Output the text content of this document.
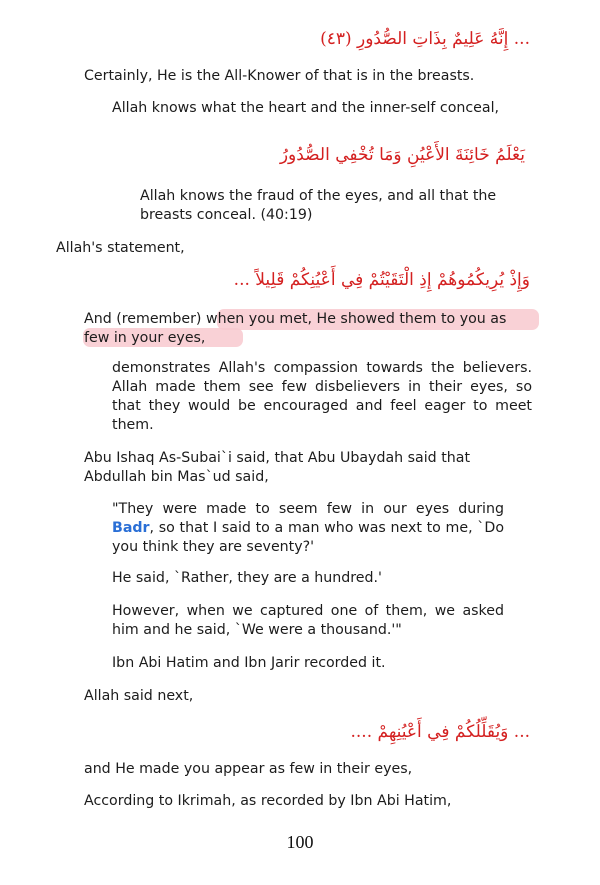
... إِنَّهُ عَلِيمٌ بِذَاتِ الصُّدُورِ (٤٣)
Certainly, He is the All-Knower of that is in the breasts.
Allah knows what the heart and the inner-self conceal,
يَعْلَمُ خَائِنَةَ الأَعْيُنِ وَمَا تُخْفِي الصُّدُورُ
Allah knows the fraud of the eyes, and all that the breasts conceal. (40:19)
Allah's statement,
وَإِذْ يُرِيكُمُوهُمْ إِذِ الْتَقَيْتُمْ فِي أَعْيُنِكُمْ قَلِيلاً ...
And (remember) when you met, He showed them to you as few in your eyes,
demonstrates Allah's compassion towards the believers. Allah made them see few disbelievers in their eyes, so that they would be encouraged and feel eager to meet them.
Abu Ishaq As-Subai`i said, that Abu Ubaydah said that Abdullah bin Mas`ud said,
"They were made to seem few in our eyes during Badr, so that I said to a man who was next to me, `Do you think they are seventy?'
He said, `Rather, they are a hundred.'
However, when we captured one of them, we asked him and he said, `We were a thousand.'"
Ibn Abi Hatim and Ibn Jarir recorded it.
Allah said next,
... وَيُقَلِّلُكُمْ فِي أَعْيُنِهِمْ ....
and He made you appear as few in their eyes,
According to Ikrimah, as recorded by Ibn Abi Hatim,
100
